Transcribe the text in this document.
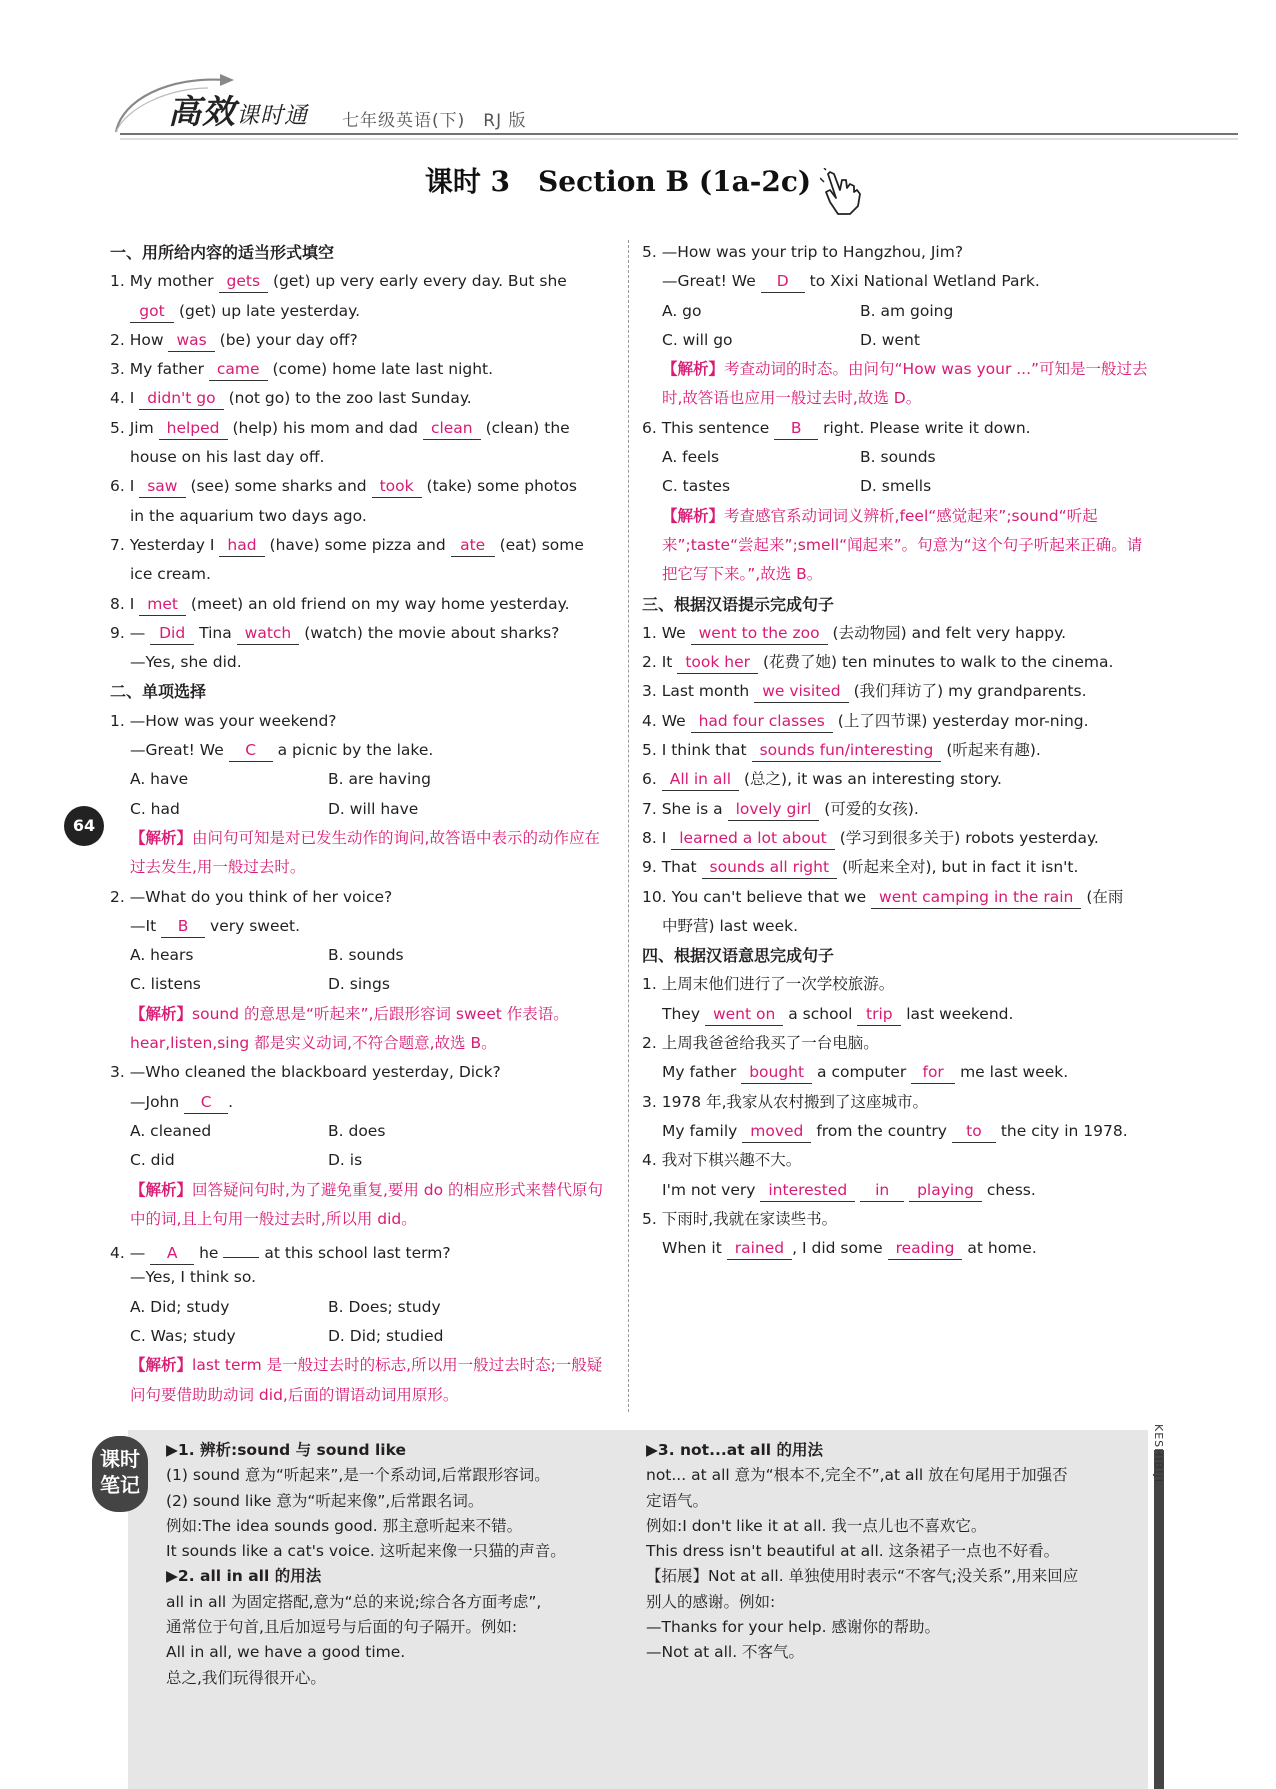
高效课时通 七年级英语(下)　RJ 版
课时 3　Section B (1a-2c)
64
一、用所给内容的适当形式填空
1. My mother gets (get) up very early every day. But she
got (get) up late yesterday.
2. How was (be) your day off?
3. My father came (come) home late last night.
4. I didn't go (not go) to the zoo last Sunday.
5. Jim helped (help) his mom and dad clean (clean) the
house on his last day off.
6. I saw (see) some sharks and took (take) some photos
in the aquarium two days ago.
7. Yesterday I had (have) some pizza and ate (eat) some
ice cream.
8. I met (meet) an old friend on my way home yesterday.
9. — Did Tina watch (watch) the movie about sharks?
—Yes, she did.
二、单项选择
1. —How was your weekend?
—Great! We C a picnic by the lake.
A. have	B. are having
C. had	D. will have
【解析】由问句可知是对已发生动作的询问,故答语中表示的动作应在过去发生,用一般过去时。
2. —What do you think of her voice?
—It B very sweet.
A. hears	B. sounds
C. listens	D. sings
【解析】sound 的意思是“听起来”,后跟形容词 sweet 作表语。hear,listen,sing 都是实义动词,不符合题意,故选 B。
3. —Who cleaned the blackboard yesterday, Dick?
—John C .
A. cleaned	B. does
C. did	D. is
【解析】回答疑问句时,为了避免重复,要用 do 的相应形式来替代原句中的词,且上句用一般过去时,所以用 did。
4. — A he	at this school last term?
—Yes, I think so.
A. Did; study	B. Does; study
C. Was; study	D. Did; studied
【解析】last term 是一般过去时的标志,所以用一般过去时态;一般疑问句要借助助动词 did,后面的谓语动词用原形。
5. —How was your trip to Hangzhou, Jim?
—Great! We D to Xixi National Wetland Park.
A. go	B. am going
C. will go	D. went
【解析】考查动词的时态。由问句“How was your ...”可知是一般过去时,故答语也应用一般过去时,故选 D。
6. This sentence B right. Please write it down.
A. feels	B. sounds
C. tastes	D. smells
【解析】考查感官系动词词义辨析,feel“感觉起来”;sound“听起来”;taste“尝起来”;smell“闻起来”。句意为“这个句子听起来正确。请把它写下来。”,故选 B。
三、根据汉语提示完成句子
1. We went to the zoo (去动物园) and felt very happy.
2. It took her (花费了她) ten minutes to walk to the cinema.
3. Last month we visited (我们拜访了) my grandparents.
4. We had four classes (上了四节课) yesterday mor-ning.
5. I think that sounds fun/interesting (听起来有趣).
6. All in all (总之), it was an interesting story.
7. She is a lovely girl (可爱的女孩).
8. I learned a lot about (学习到很多关于) robots yesterday.
9. That sounds all right (听起来全对), but in fact it isn't.
10. You can't believe that we went camping in the rain (在雨
中野营) last week.
四、根据汉语意思完成句子
1. 上周末他们进行了一次学校旅游。
They went on a school trip last weekend.
2. 上周我爸爸给我买了一台电脑。
My father bought a computer for me last week.
3. 1978 年,我家从农村搬到了这座城市。
My family moved from the country to the city in 1978.
4. 我对下棋兴趣不大。
I'm not very interested in playing chess.
5. 下雨时,我就在家读些书。
When it rained , I did some reading at home.
课时
笔记
▶1. 辨析:sound 与 sound like
(1) sound 意为“听起来”,是一个系动词,后常跟形容词。
(2) sound like 意为“听起来像”,后常跟名词。
例如:The idea sounds good. 那主意听起来不错。
It sounds like a cat's voice. 这听起来像一只猫的声音。
▶2. all in all 的用法
all in all 为固定搭配,意为“总的来说;综合各方面考虑”,
通常位于句首,且后加逗号与后面的句子隔开。例如:
All in all, we have a good time.
总之,我们玩得很开心。
▶3. not...at all 的用法
not... at all 意为“根本不,完全不”,at all 放在句尾用于加强否
定语气。
例如:I don't like it at all. 我一点儿也不喜欢它。
This dress isn't beautiful at all. 这条裙子一点也不好看。
【拓展】Not at all. 单独使用时表示“不客气;没关系”,用来回应
别人的感谢。例如:
—Thanks for your help. 感谢你的帮助。
—Not at all. 不客气。
KESHIBIJI
